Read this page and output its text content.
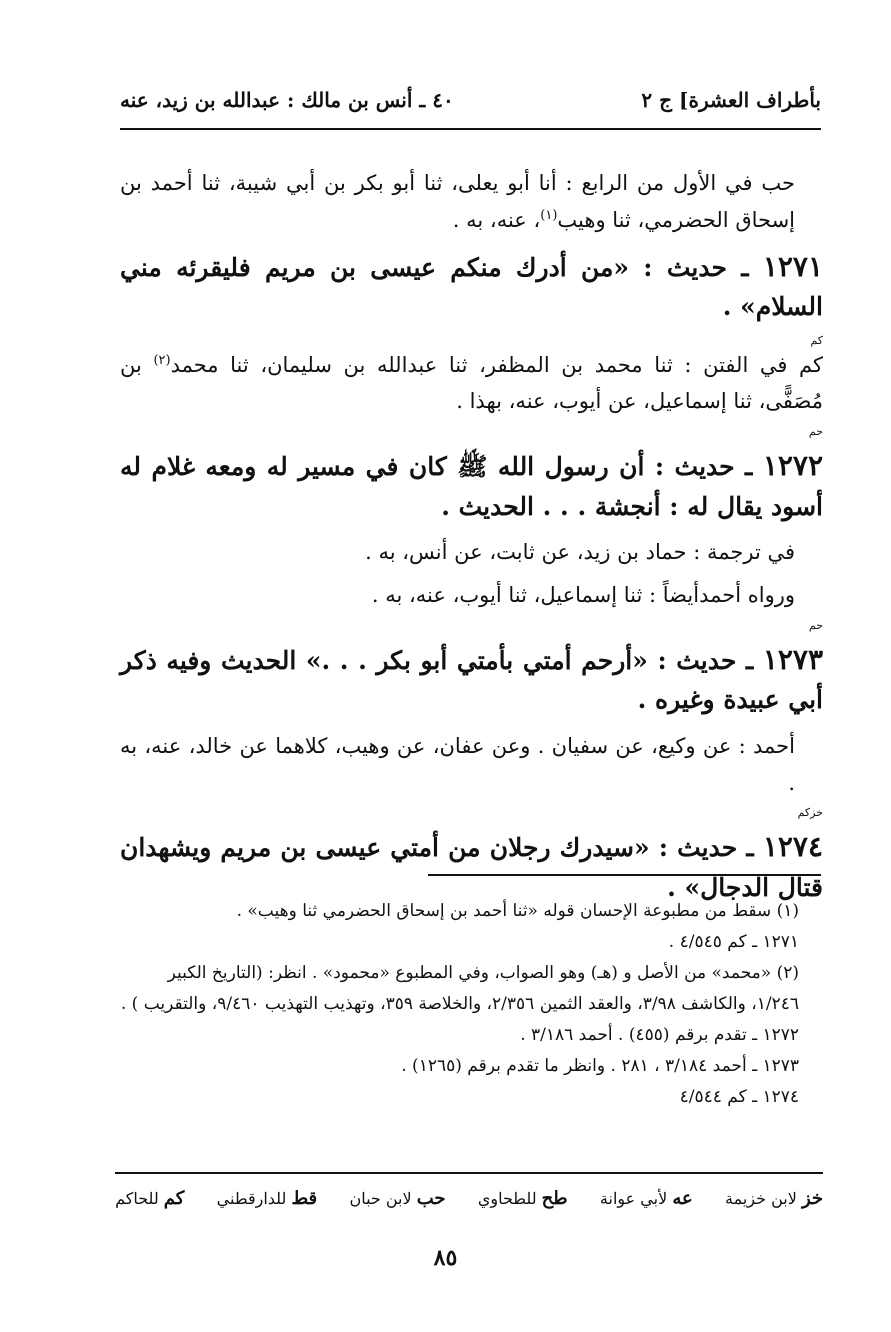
بأطراف العشرة] ج ٢
٤٠ ـ أنس بن مالك : عبدالله بن زيد، عنه

حب في الأول من الرابع : أنا أبو يعلى، ثنا أبو بكر بن أبي شيبة، ثنا أحمد بن إسحاق الحضرمي، ثنا وهيب$^{(١)}$، عنه، به .

١٢٧١ ـ حديث : «من أدرك منكم عيسى بن مريم فليقرئه مني السلام» .
كم

كم في الفتن : ثنا محمد بن المظفر، ثنا عبدالله بن سليمان، ثنا محمد$^{(٢)}$ بن مُصَفًّى، ثنا إسماعيل، عن أيوب، عنه، بهذا .

حم
١٢٧٢ ـ حديث : أن رسول الله ﷺ كان في مسير له ومعه غلام له أسود يقال له : أنجشة . . . الحديث .

في ترجمة : حماد بن زيد، عن ثابت، عن أنس، به .

ورواه أحمدأيضاً : ثنا إسماعيل، ثنا أيوب، عنه، به .

حم
١٢٧٣ ـ حديث : «أرحم أمتي بأمتي أبو بكر . . .» الحديث وفيه ذكر أبي عبيدة وغيره .

أحمد : عن وكيع، عن سفيان . وعن عفان، عن وهيب، كلاهما عن خالد، عنه، به .

خزكم
١٢٧٤ ـ حديث : «سيدرك رجلان من أمتي عيسى بن مريم ويشهدان قتال الدجال» .

(١) سقط من مطبوعة الإحسان قوله «ثنا أحمد بن إسحاق الحضرمي ثنا وهيب» .

١٢٧١ ـ كم ٤/٥٤٥ .

(٢) «محمد» من الأصل و (هـ) وهو الصواب، وفي المطبوع «محمود» . انظر: (التاريخ الكبير ١/٢٤٦، والكاشف ٣/٩٨، والعقد الثمين ٢/٣٥٦، والخلاصة ٣٥٩، وتهذيب التهذيب ٩/٤٦٠، والتقريب ) .

١٢٧٢ ـ تقدم برقم (٤٥٥) . أحمد ٣/١٨٦ .

١٢٧٣ ـ أحمد ٣/١٨٤ ، ٢٨١ . وانظر ما تقدم برقم (١٢٦٥) .

١٢٧٤ ـ كم ٤/٥٤٤

خز لابن خزيمة
عه لأبي عوانة
طح للطحاوي
حب لابن حبان
قط للدارقطني
كم للحاكم
٨٥
